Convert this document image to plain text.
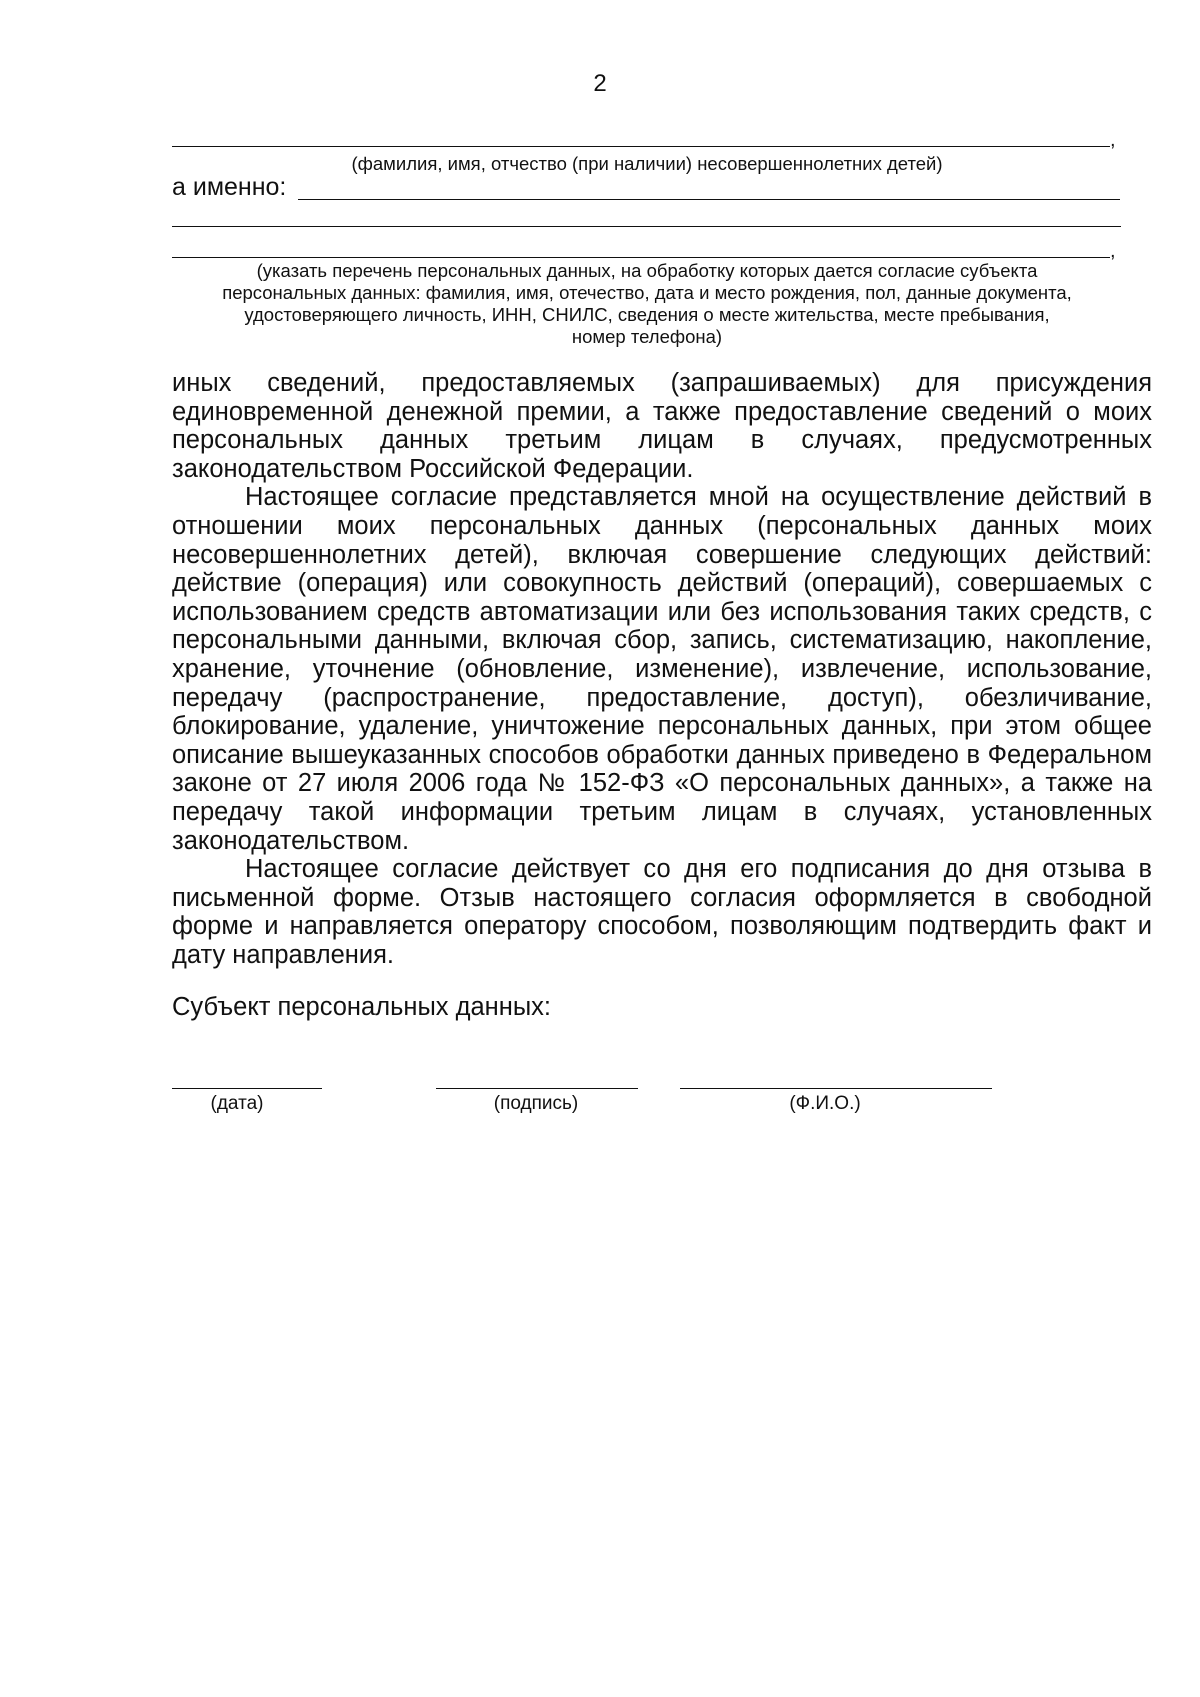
2
,
(фамилия, имя, отчество (при наличии) несовершеннолетних детей)
а именно:
,
(указать перечень персональных данных, на обработку которых дается согласие субъекта
персональных данных: фамилия, имя, отечество, дата и место рождения, пол, данные документа,
удостоверяющего личность, ИНН, СНИЛС, сведения о месте жительства, месте пребывания,
номер телефона)

иных сведений, предоставляемых (запрашиваемых) для присуждения единовременной денежной премии, а также предоставление сведений о моих персональных данных третьим лицам в случаях, предусмотренных законодательством Российской Федерации.

Настоящее согласие представляется мной на осуществление действий в отношении моих персональных данных (персональных данных моих несовершеннолетних детей), включая совершение следующих действий: действие (операция) или совокупность действий (операций), совершаемых с использованием средств автоматизации или без использования таких средств, с персональными данными, включая сбор, запись, систематизацию, накопление, хранение, уточнение (обновление, изменение), извлечение, использование, передачу (распространение, предоставление, доступ), обезличивание, блокирование, удаление, уничтожение персональных данных, при этом общее описание вышеуказанных способов обработки данных приведено в Федеральном законе от 27 июля 2006 года № 152-ФЗ «О персональных данных», а также на передачу такой информации третьим лицам в случаях, установленных законодательством.

Настоящее согласие действует со дня его подписания до дня отзыва в письменной форме. Отзыв настоящего согласия оформляется в свободной форме и направляется оператору способом, позволяющим подтвердить факт и дату направления.

Субъект персональных данных:
(дата)	(подпись)	(Ф.И.О.)
